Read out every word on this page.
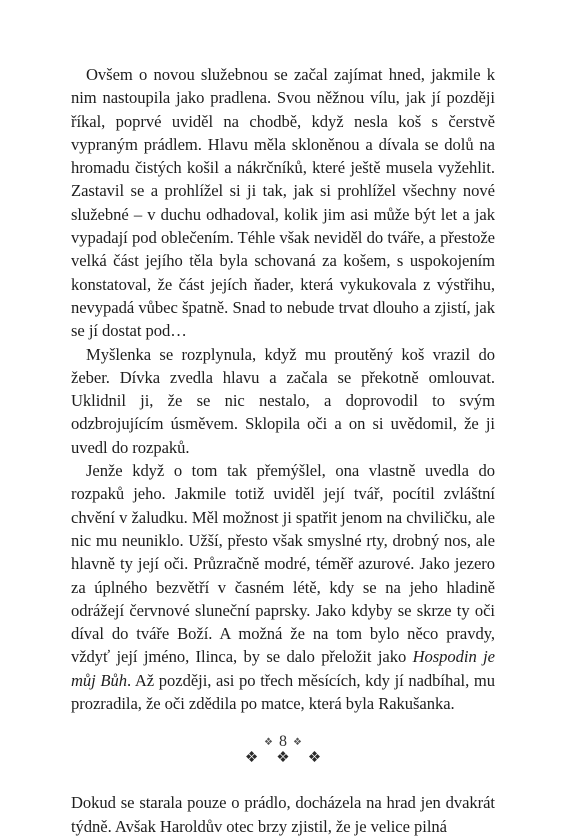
Ovšem o novou služebnou se začal zajímat hned, jakmile k nim nastoupila jako pradlena. Svou něžnou vílu, jak jí později říkal, poprvé uviděl na chodbě, když nesla koš s čerstvě vypraným prádlem. Hlavu měla skloněnou a dívala se dolů na hromadu čistých košil a nákrčníků, které ještě musela vyžehlit. Zastavil se a prohlížel si ji tak, jak si prohlížel všechny nové služebné – v duchu odhadoval, kolik jim asi může být let a jak vypadají pod oblečením. Téhle však neviděl do tváře, a přestože velká část jejího těla byla schovaná za košem, s uspokojením konstatoval, že část jejích ňader, která vykukovala z výstřihu, nevypadá vůbec špatně. Snad to nebude trvat dlouho a zjistí, jak se jí dostat pod…

Myšlenka se rozplynula, když mu proutěný koš vrazil do žeber. Dívka zvedla hlavu a začala se překotně omlouvat. Uklidnil ji, že se nic nestalo, a doprovodil to svým odzbrojujícím úsměvem. Sklopila oči a on si uvědomil, že ji uvedl do rozpaků.

Jenže když o tom tak přemýšlel, ona vlastně uvedla do rozpaků jeho. Jakmile totiž uviděl její tvář, pocítil zvláštní chvění v žaludku. Měl možnost ji spatřit jenom na chviličku, ale nic mu neuniklo. Užší, přesto však smyslné rty, drobný nos, ale hlavně ty její oči. Průzračně modré, téměř azurové. Jako jezero za úplného bezvětří v časném létě, kdy se na jeho hladině odrážejí červnové sluneční paprsky. Jako kdyby se skrze ty oči díval do tváře Boží. A možná že na tom bylo něco pravdy, vždyť její jméno, Ilinca, by se dalo přeložit jako Hospodin je můj Bůh. Až později, asi po třech měsících, kdy jí nadbíhal, mu prozradila, že oči zdědila po matce, která byla Rakušanka.

❖ ❖ ❖

Dokud se starala pouze o prádlo, docházela na hrad jen dvakrát týdně. Avšak Haroldův otec brzy zjistil, že je velice pilná

❖ 8 ❖
